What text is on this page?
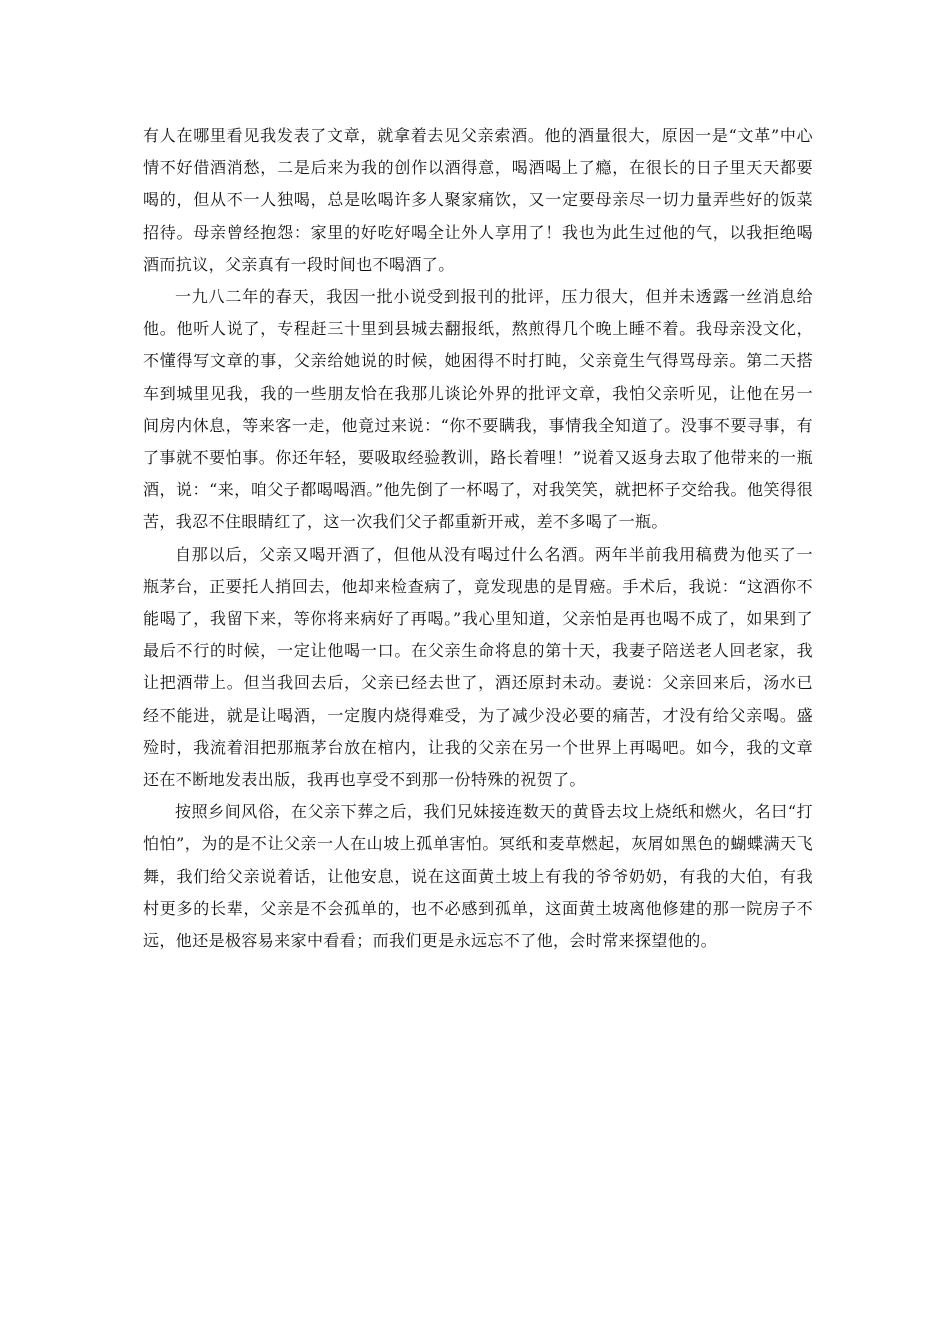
有人在哪里看见我发表了文章，就拿着去见父亲索酒。他的酒量很大，原因一是“文革”中心情不好借酒消愁，二是后来为我的创作以酒得意，喝酒喝上了瘾，在很长的日子里天天都要喝的，但从不一人独喝，总是吆喝许多人聚家痛饮，又一定要母亲尽一切力量弄些好的饭菜招待。母亲曾经抱怨：家里的好吃好喝全让外人享用了！我也为此生过他的气，以我拒绝喝酒而抗议，父亲真有一段时间也不喝酒了。

一九八二年的春天，我因一批小说受到报刊的批评，压力很大，但并未透露一丝消息给他。他听人说了，专程赶三十里到县城去翻报纸，熬煎得几个晚上睡不着。我母亲没文化，不懂得写文章的事，父亲给她说的时候，她困得不时打盹，父亲竟生气得骂母亲。第二天搭车到城里见我，我的一些朋友恰在我那儿谈论外界的批评文章，我怕父亲听见，让他在另一间房内休息，等来客一走，他竟过来说：“你不要瞒我，事情我全知道了。没事不要寻事，有了事就不要怕事。你还年轻，要吸取经验教训，路长着哩！”说着又返身去取了他带来的一瓶酒，说：“来，咱父子都喝喝酒。”他先倒了一杯喝了，对我笑笑，就把杯子交给我。他笑得很苦，我忍不住眼睛红了，这一次我们父子都重新开戒，差不多喝了一瓶。

自那以后，父亲又喝开酒了，但他从没有喝过什么名酒。两年半前我用稿费为他买了一瓶茅台，正要托人捎回去，他却来检查病了，竟发现患的是胃癌。手术后，我说：“这酒你不能喝了，我留下来，等你将来病好了再喝。”我心里知道，父亲怕是再也喝不成了，如果到了最后不行的时候，一定让他喝一口。在父亲生命将息的第十天，我妻子陪送老人回老家，我让把酒带上。但当我回去后，父亲已经去世了，酒还原封未动。妻说：父亲回来后，汤水已经不能进，就是让喝酒，一定腹内烧得难受，为了减少没必要的痛苦，才没有给父亲喝。盛殓时，我流着泪把那瓶茅台放在棺内，让我的父亲在另一个世界上再喝吧。如今，我的文章还在不断地发表出版，我再也享受不到那一份特殊的祝贺了。

按照乡间风俗，在父亲下葬之后，我们兄妹接连数天的黄昏去坟上烧纸和燃火，名曰“打怕怕”，为的是不让父亲一人在山坡上孤单害怕。冥纸和麦草燃起，灰屑如黑色的蝴蝶满天飞舞，我们给父亲说着话，让他安息，说在这面黄土坡上有我的爷爷奶奶，有我的大伯，有我村更多的长辈，父亲是不会孤单的，也不必感到孤单，这面黄土坡离他修建的那一院房子不远，他还是极容易来家中看看；而我们更是永远忘不了他，会时常来探望他的。
